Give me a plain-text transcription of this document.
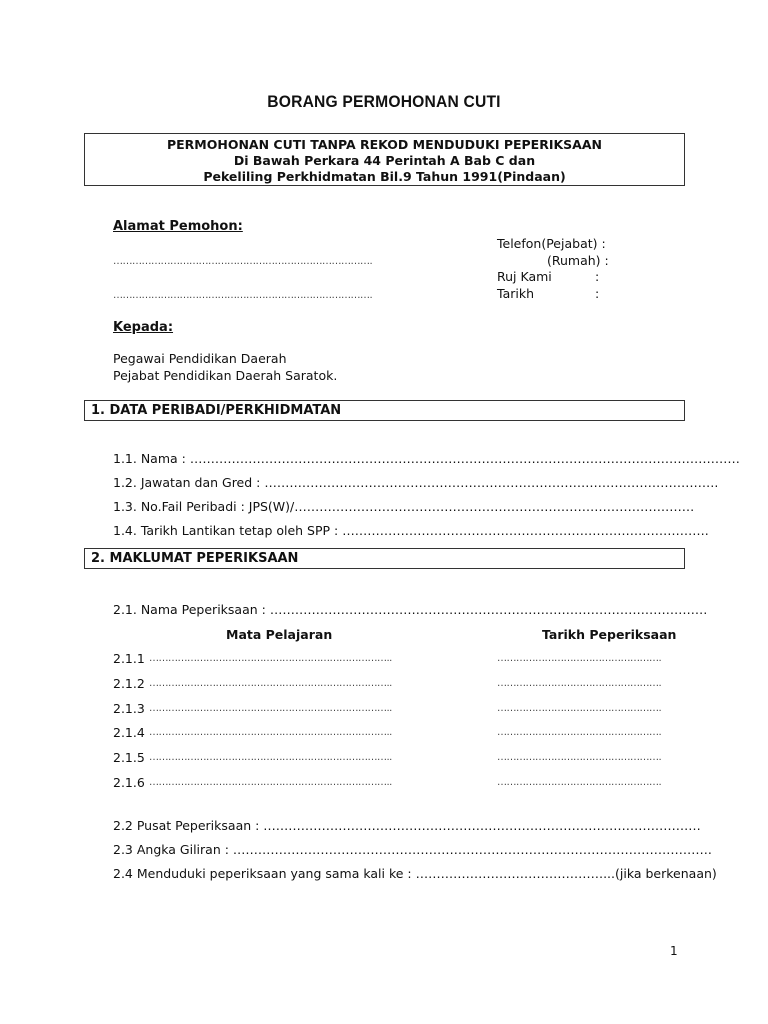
BORANG PERMOHONAN CUTI
PERMOHONAN CUTI TANPA REKOD MENDUDUKI PEPERIKSAAN
Di Bawah Perkara 44 Perintah A Bab C dan
Pekeliling Perkhidmatan Bil.9 Tahun 1991(Pindaan)
Alamat Pemohon:
……………………………………………………………………….
……………………………………………………………………….
Telefon(Pejabat) :
(Rumah) :
Ruj Kami	:
Tarikh	:
Kepada:
Pegawai Pendidikan Daerah
Pejabat Pendidikan Daerah Saratok.
1. DATA PERIBADI/PERKHIDMATAN
1.1. Nama : ……………………………………………………………………………………………………………………
1.2. Jawatan dan Gred : ……………………………………………………………………………………………….
1.3. No.Fail Peribadi : JPS(W)/……………………………………………………………………………………
1.4. Tarikh Lantikan tetap oleh SPP : …………………………………………………………………………….
2. MAKLUMAT PEPERIKSAAN
2.1. Nama Peperiksaan : ……………………………………………………………………………………………
Mata Pelajaran	Tarikh Peperiksaan
2.1.1 …………………………………………………………………..	…………………………………………….
2.1.2 …………………………………………………………………..	…………………………………………….
2.1.3 …………………………………………………………………..	…………………………………………….
2.1.4 …………………………………………………………………..	…………………………………………….
2.1.5 …………………………………………………………………..	…………………………………………….
2.1.6 …………………………………………………………………..	…………………………………………….
2.2 Pusat Peperiksaan : ……………………………………………………………………………………………
2.3 Angka Giliran : …………………………………………………………………………………………………….
2.4 Menduduki peperiksaan yang sama kali ke : ………………………………………...(jika berkenaan)
1
